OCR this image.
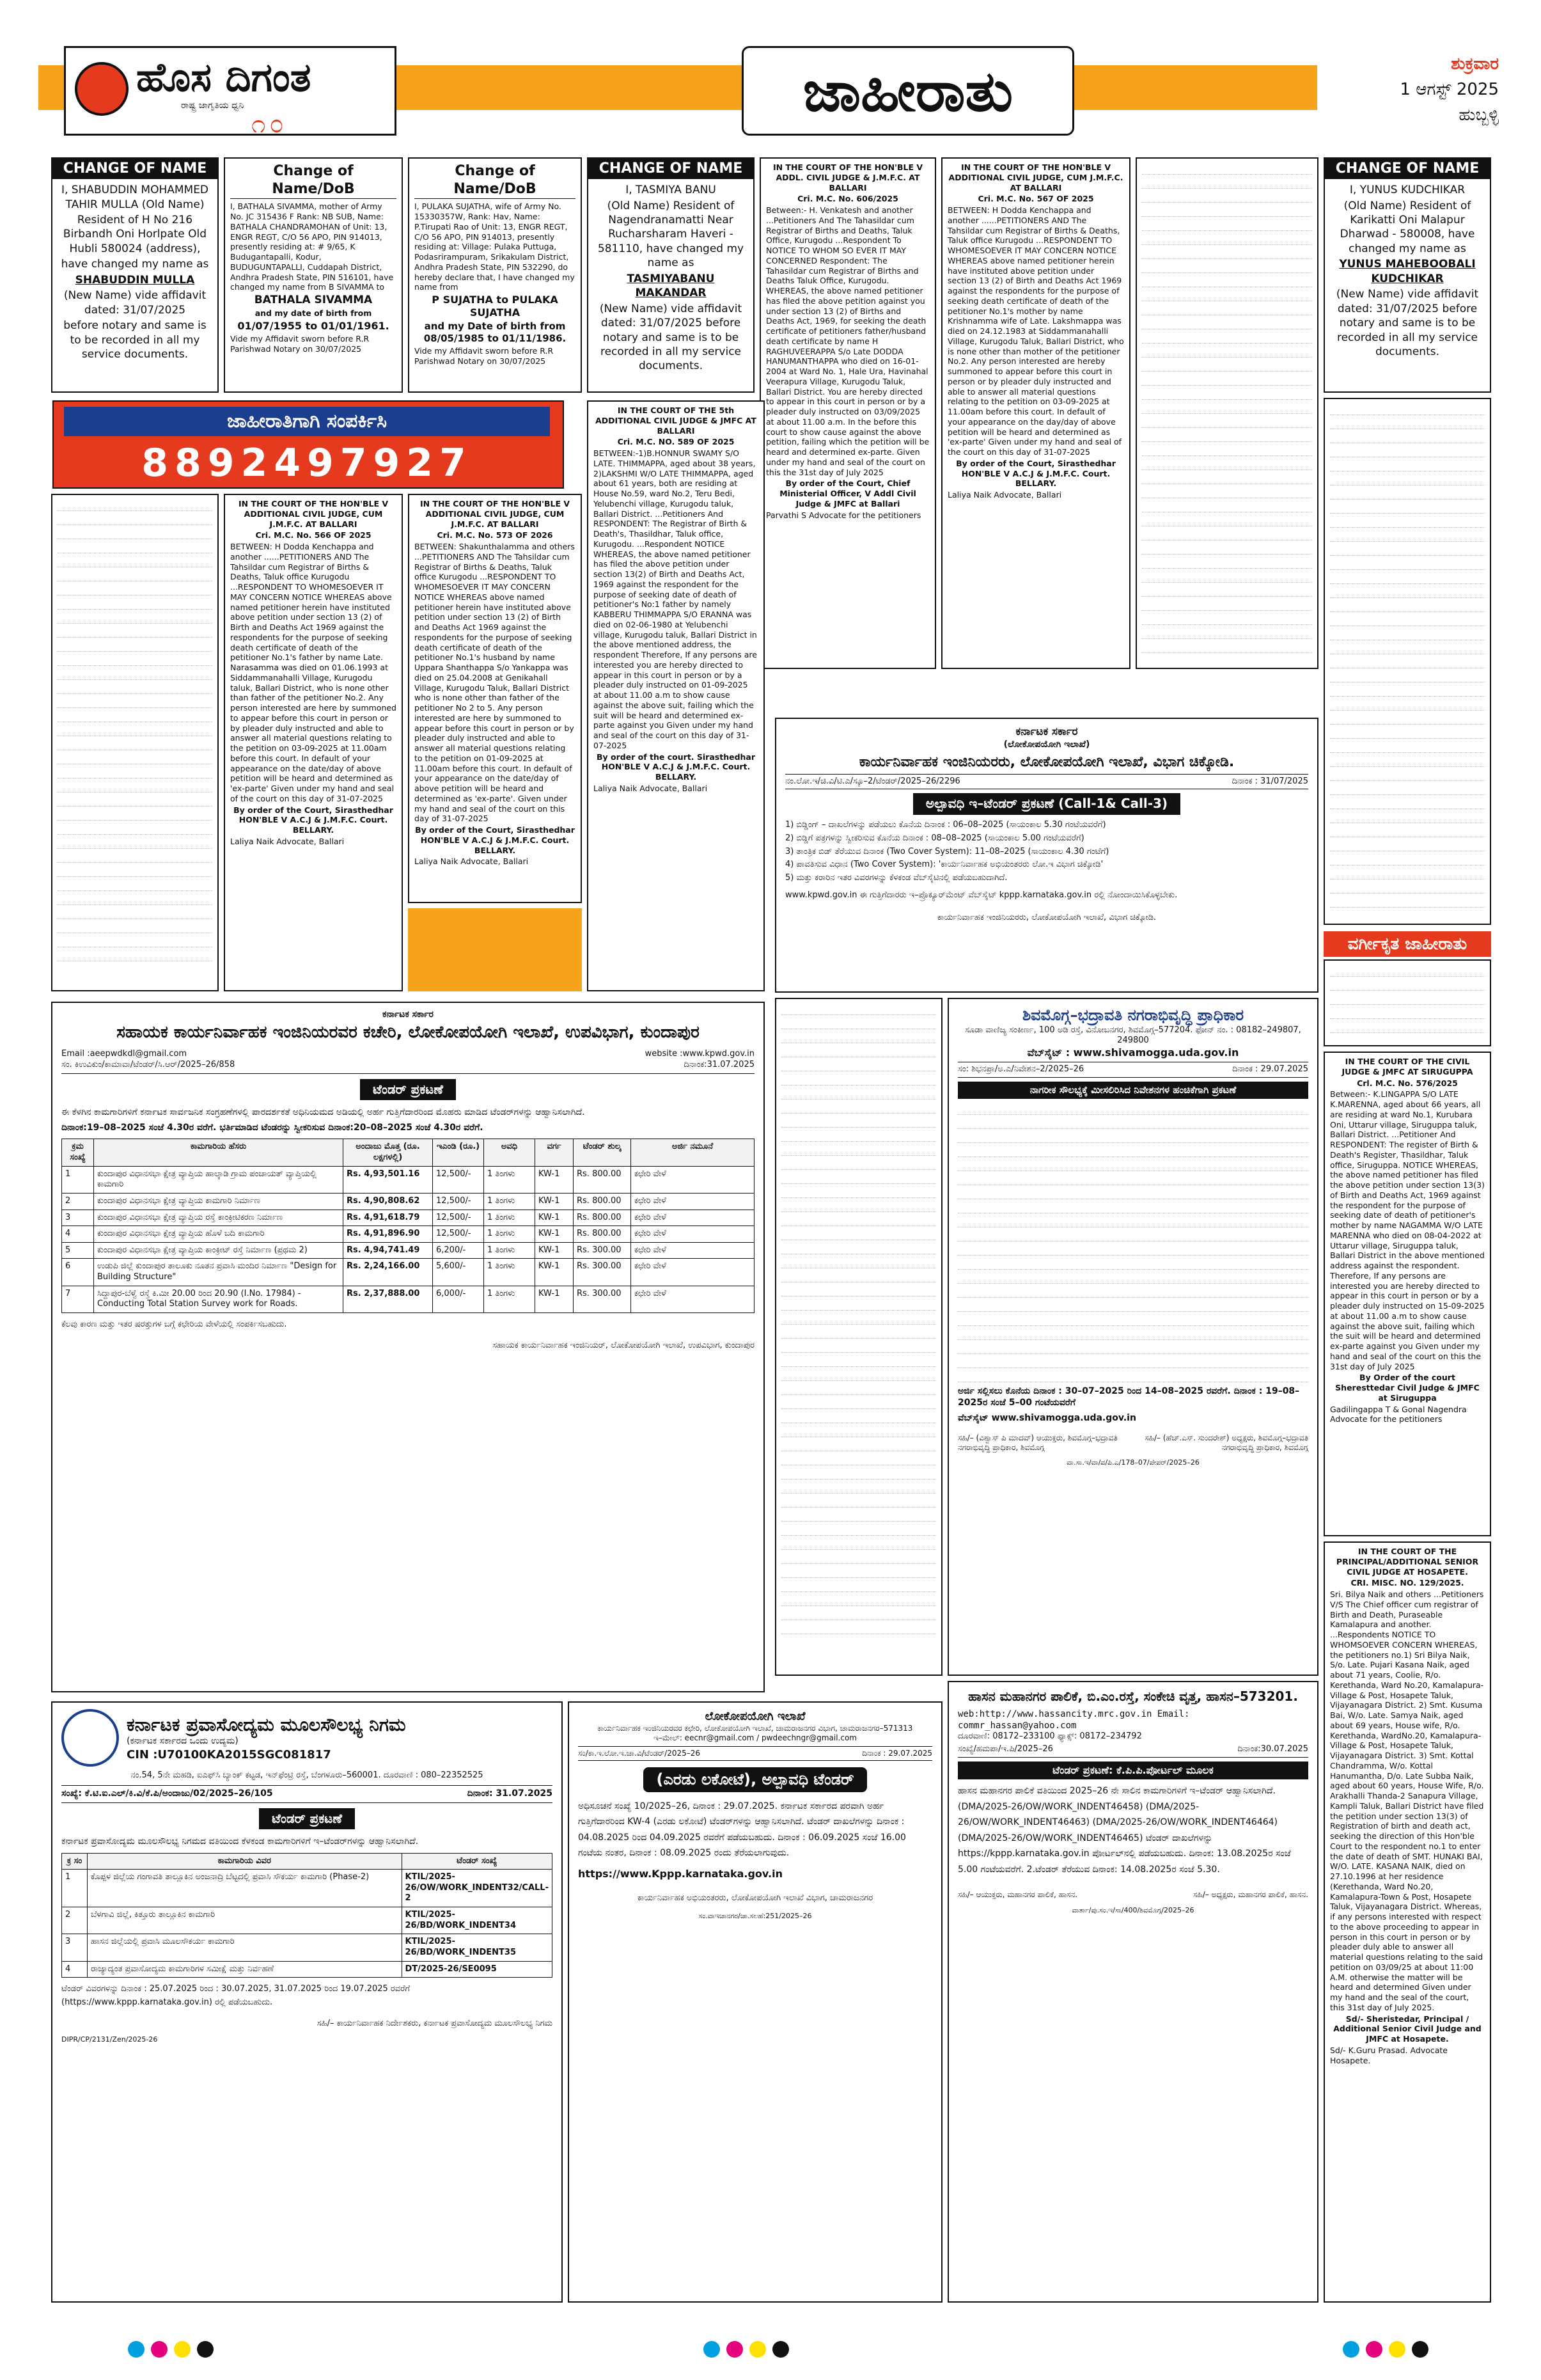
ಹೊಸ ದಿಗಂತ
ರಾಷ್ಟ್ರ ಜಾಗೃತಿಯ ಧ್ವನಿ
೧೦	ಜಾಹೀರಾತು	ಶುಕ್ರವಾರ
1 ಆಗಸ್ಟ್ 2025
ಹುಬ್ಬಳ್ಳಿ
CHANGE OF NAME

I, SHABUDDIN MOHAMMED TAHIR MULLA (Old Name)

Resident of H No 216 Birbandh Oni Horlpate Old Hubli 580024 (address),

have changed my name as

SHABUDDIN MULLA

(New Name) vide affidavit dated: 31/07/2025

before notary and same is to be recorded in all my service documents.

Change of Name/DoB

I, BATHALA SIVAMMA, mother of Army No. JC 315436 F Rank: NB SUB, Name: BATHALA CHANDRAMOHAN of Unit: 13, ENGR REGT, C/O 56 APO, PIN 914013, presently residing at: # 9/65, K Budugantapalli, Kodur, BUDUGUNTAPALLI, Cuddapah District, Andhra Pradesh State, PIN 516101, have changed my name from B SIVAMMA to

BATHALA SIVAMMA

and my date of birth from

01/07/1955 to 01/01/1961.

Vide my Affidavit sworn before R.R Parishwad Notary on 30/07/2025

Change of Name/DoB

I, PULAKA SUJATHA, wife of Army No. 15330357W, Rank: Hav, Name: P.Tirupati Rao of Unit: 13, ENGR REGT, C/O 56 APO, PIN 914013, presently residing at: Village: Pulaka Puttuga, Podasrirampuram, Srikakulam District, Andhra Pradesh State, PIN 532290, do hereby declare that, I have changed my name from

P SUJATHA to PULAKA SUJATHA

and my Date of birth from 08/05/1985 to 01/11/1986.

Vide my Affidavit sworn before R.R Parishwad Notary on 30/07/2025

CHANGE OF NAME

I, TASMIYA BANU

(Old Name) Resident of Nagendranamatti Near Rucharsharam Haveri - 581110, have changed my name as

TASMIYABANU MAKANDAR

(New Name) vide affidavit dated: 31/07/2025 before notary and same is to be recorded in all my service documents.

IN THE COURT OF THE HON'BLE V ADDL. CIVIL JUDGE & J.M.F.C. AT BALLARI

Cri. M.C. No. 606/2025

Between:- H. Venkatesh and another ...Petitioners And The Tahasildar cum Registrar of Births and Deaths, Taluk Office, Kurugodu ...Respondent To NOTICE TO WHOM SO EVER IT MAY CONCERNED Respondent: The Tahasildar cum Registrar of Births and Deaths Taluk Office, Kurugodu. WHEREAS, the above named petitioner has filed the above petition against you under section 13 (2) of Births and Deaths Act, 1969, for seeking the death certificate of petitioners father/husband death certificate by name H RAGHUVEERAPPA S/o Late DODDA HANUMANTHAPPA who died on 16-01-2004 at Ward No. 1, Hale Ura, Havinahal Veerapura Village, Kurugodu Taluk, Ballari District. You are hereby directed to appear in this court in person or by a pleader duly instructed on 03/09/2025 at about 11.00 a.m. In the before this court to show cause against the above petition, failing which the petition will be heard and determined ex-parte. Given under my hand and seal of the court on this the 31st day of July 2025

By order of the Court, Chief Ministerial Officer, V Addl Civil Judge & JMFC at Ballari

Parvathi S Advocate for the petitioners

IN THE COURT OF THE HON'BLE V ADDITIONAL CIVIL JUDGE, CUM J.M.F.C. AT BALLARI

Cri. M.C. No. 567 OF 2025

BETWEEN: H Dodda Kenchappa and another ......PETITIONERS AND The Tahsildar cum Registrar of Births & Deaths, Taluk office Kurugodu ...RESPONDENT TO WHOMESOEVER IT MAY CONCERN NOTICE WHEREAS above named petitioner herein have instituted above petition under section 13 (2) of Birth and Deaths Act 1969 against the respondents for the purpose of seeking death certificate of death of the petitioner No.1's mother by name Krishnamma wife of Late. Lakshmappa was died on 24.12.1983 at Siddammanahalli Village, Kurugodu Taluk, Ballari District, who is none other than mother of the petitioner No.2. Any person interested are hereby summoned to appear before this court in person or by pleader duly instructed and able to answer all material questions relating to the petition on 03-09-2025 at 11.00am before this court. In default of your appearance on the day/day of above petition will be heard and determined as 'ex-parte' Given under my hand and seal of the court on this day of 31-07-2025

By order of the Court, Sirasthedhar HON'BLE V A.C.J & J.M.F.C. Court. BELLARY.

Laliya Naik Advocate, Ballari

CHANGE OF NAME

I, YUNUS KUDCHIKAR

(Old Name) Resident of Karikatti Oni Malapur Dharwad - 580008, have changed my name as

YUNUS MAHEBOOBALI KUDCHIKAR

(New Name) vide affidavit dated: 31/07/2025 before notary and same is to be recorded in all my service documents.

ಜಾಹೀರಾತಿಗಾಗಿ ಸಂಪರ್ಕಿಸಿ
8892497927

IN THE COURT OF THE HON'BLE V ADDITIONAL CIVIL JUDGE, CUM J.M.F.C. AT BALLARI

Cri. M.C. No. 566 OF 2025

BETWEEN: H Dodda Kenchappa and another ......PETITIONERS AND The Tahsildar cum Registrar of Births & Deaths, Taluk office Kurugodu ...RESPONDENT TO WHOMESOEVER IT MAY CONCERN NOTICE WHEREAS above named petitioner herein have instituted above petition under section 13 (2) of Birth and Deaths Act 1969 against the respondents for the purpose of seeking death certificate of death of the petitioner No.1's father by name Late. Narasamma was died on 01.06.1993 at Siddammanahalli Village, Kurugodu taluk, Ballari District, who is none other than father of the petitioner No.2. Any person interested are here by summoned to appear before this court in person or by pleader duly instructed and able to answer all material questions relating to the petition on 03-09-2025 at 11.00am before this court. In default of your appearance on the date/day of above petition will be heard and determined as 'ex-parte' Given under my hand and seal of the court on this day of 31-07-2025

By order of the Court, Sirasthedhar HON'BLE V A.C.J & J.M.F.C. Court. BELLARY.

Laliya Naik Advocate, Ballari

IN THE COURT OF THE HON'BLE V ADDITIONAL CIVIL JUDGE, CUM J.M.F.C. AT BALLARI

Cri. M.C. No. 573 OF 2026

BETWEEN: Shakunthalamma and others ...PETITIONERS AND The Tahsildar cum Registrar of Births & Deaths, Taluk office Kurugodu ...RESPONDENT TO WHOMESOEVER IT MAY CONCERN NOTICE WHEREAS above named petitioner herein have instituted above petition under section 13 (2) of Birth and Deaths Act 1969 against the respondents for the purpose of seeking death certificate of death of the petitioner No.1's husband by name Uppara Shanthappa S/o Yankappa was died on 25.04.2008 at Genikahall Village, Kurugodu Taluk, Ballari District who is none other than father of the petitioner No 2 to 5. Any person interested are here by summoned to appear before this court in person or by pleader duly instructed and able to answer all material questions relating to the petition on 01-09-2025 at 11.00am before this court. In default of your appearance on the date/day of above petition will be heard and determined as 'ex-parte'. Given under my hand and seal of the court on this day of 31-07-2025

By order of the Court, Sirasthedhar HON'BLE V A.C.J & J.M.F.C. Court. BELLARY.

Laliya Naik Advocate, Ballari

IN THE COURT OF THE 5th ADDITIONAL CIVIL JUDGE & JMFC AT BALLARI

Cri. M.C. NO. 589 OF 2025

BETWEEN:-1)B.HONNUR SWAMY S/O LATE. THIMMAPPA, aged about 38 years, 2)LAKSHMI W/O LATE THIMMAPPA, aged about 61 years, both are residing at House No.59, ward No.2, Teru Bedi, Yelubenchi village, Kurugodu taluk, Ballari District. ...Petitioners And RESPONDENT: The Registrar of Birth & Death's, Thasildhar, Taluk office, Kurugodu. ...Respondent NOTICE WHEREAS, the above named petitioner has filed the above petition under section 13(2) of Birth and Deaths Act, 1969 against the respondent for the purpose of seeking date of death of petitioner's No:1 father by namely KABBERU THIMMAPPA S/O ERANNA was died on 02-06-1980 at Yelubenchi village, Kurugodu taluk, Ballari District in the above mentioned address, the respondent Therefore, If any persons are interested you are hereby directed to appear in this court in person or by a pleader duly instructed on 01-09-2025 at about 11.00 a.m to show cause against the above suit, failing which the suit will be heard and determined ex-parte against you Given under my hand and seal of the court on this day of 31-07-2025

By order of the court. Sirasthedhar HON'BLE V A.C.J & J.M.F.C. Court. BELLARY.

Laliya Naik Advocate, Ballari

ಕರ್ನಾಟಕ ಸರ್ಕಾರ
(ಲೋಕೋಪಯೋಗಿ ಇಲಾಖೆ)
ಕಾರ್ಯನಿರ್ವಾಹಕ ಇಂಜಿನಿಯರರು, ಲೋಕೋಪಯೋಗಿ ಇಲಾಖೆ, ವಿಭಾಗ ಚಿಕ್ಕೋಡಿ.
ನಂ.ಲೋ.ಇ/ಚಿ.ವಿ/ಟಿ.ಎ/ಸ್ಕೂ–2/ಟೆಂಡರ್/2025–26/2296	ದಿನಾಂಕ : 31/07/2025
ಅಲ್ಪಾವಧಿ ಇ–ಟೆಂಡರ್ ಪ್ರಕಟಣೆ (Call-1& Call-3)
1) ಬಿಡ್ಡಿಂಗ್ – ದಾಖಲೆಗಳನ್ನು ಪಡೆಯಲು ಕೊನೆಯ ದಿನಾಂಕ : 06–08–2025 (ಸಾಯಂಕಾಲ 5.30 ಗಂಟೆಯವರೆಗೆ)
2) ಬಿಡ್ಡಿಗೆ ಪತ್ರಗಳನ್ನು ಸ್ವೀಕರಿಸುವ ಕೊನೆಯ ದಿನಾಂಕ : 08–08–2025 (ಸಾಯಂಕಾಲ 5.00 ಗಂಟೆಯವರೆಗೆ)
3) ತಾಂತ್ರಿಕ ಬಿಡ್ ತೆರೆಯುವ ದಿನಾಂಕ (Two Cover System): 11–08–2025 (ಸಾಯಂಕಾಲ 4.30 ಗಂಟೆಗೆ)
4) ಪಾವತಿಸುವ ವಿಧಾನ (Two Cover System): 'ಕಾರ್ಯನಿರ್ವಾಹಕ ಅಭಿಯಂತರರು ಲೋ.ಇ ವಿಭಾಗ ಚಿಕ್ಕೋಡಿ'
5) ಮತ್ತು ಕರಾರಿನ ಇತರ ವಿವರಗಳನ್ನು ಕೆಳಕಂಡ ವೆಬ್‌ಸೈಟಿನಲ್ಲಿ ಪಡೆಯಬಹುದಾಗಿದೆ.
www.kpwd.gov.in ಈ ಗುತ್ತಿಗೆದಾರರು ಇ–ಪ್ರೊಕ್ಯೂರ್‌ಮೆಂಟ್ ವೆಬ್‌ಸೈಟ್ kppp.karnataka.gov.in ರಲ್ಲಿ ನೋಂದಾಯಿಸಿಕೊಳ್ಳಬೇಕು.
ಕಾರ್ಯನಿರ್ವಾಹಕ ಇಂಜಿನಿಯರರು, ಲೋಕೋಪಯೋಗಿ ಇಲಾಖೆ, ವಿಭಾಗ ಚಿಕ್ಕೋಡಿ.
ವರ್ಗೀಕೃತ ಜಾಹೀರಾತು

IN THE COURT OF THE CIVIL JUDGE & JMFC AT SIRUGUPPA

Crl. M.C. No. 576/2025

Between:- K.LINGAPPA S/O LATE K.MARENNA, aged about 66 years, all are residing at ward No.1, Kurubara Oni, Uttarur village, Siruguppa taluk, Ballari District. ...Petitioner And RESPONDENT: The register of Birth & Death's Register, Thasildhar, Taluk office, Siruguppa. NOTICE WHEREAS, the above named petitioner has filed the above petition under section 13(3) of Birth and Deaths Act, 1969 against the respondent for the purpose of seeking date of death of petitioner's mother by name NAGAMMA W/O LATE MARENNA who died on 08-04-2022 at Uttarur village, Siruguppa taluk, Ballari District in the above mentioned address against the respondent. Therefore, If any persons are interested you are hereby directed to appear in this court in person or by a pleader duly instructed on 15-09-2025 at about 11.00 a.m to show cause against the above suit, failing which the suit will be heard and determined ex-parte against you Given under my hand and seal of the court on this the 31st day of July 2025

By Order of the court Sheresttedar Civil Judge & JMFC at Siruguppa

Gadilingappa T & Gonal Nagendra Advocate for the petitioners

IN THE COURT OF THE PRINCIPAL/ADDITIONAL SENIOR CIVIL JUDGE AT HOSAPETE.

CRI. MISC. NO. 129/2025.

Sri. Bilya Naik and others ...Petitioners V/S The Chief officer cum registrar of Birth and Death, Puraseable Kamalapura and another. ...Respondents NOTICE TO WHOMSOEVER CONCERN WHEREAS, the petitioners no.1) Sri Bilya Naik, S/o. Late. Pujari Kasana Naik, aged about 71 years, Coolie, R/o. Kerethanda, Ward No.20, Kamalapura-Village & Post, Hosapete Taluk, Vijayanagara District. 2) Smt. Kusuma Bai, W/o. Late. Samya Naik, aged about 69 years, House wife, R/o. Kerethanda, WardNo.20, Kamalapura-Village & Post, Hosapete Taluk, Vijayanagara District. 3) Smt. Kottal Chandramma, W/o. Kottal Hanumantha, D/o. Late Subba Naik, aged about 60 years, House Wife, R/o. Arakhalli Thanda-2 Sanapura Village, Kampli Taluk, Ballari District have filed the petition under section 13(3) of Registration of birth and death act, seeking the direction of this Hon'ble Court to the respondent no.1 to enter the date of death of SMT. HUNAKI BAI, W/O. LATE. KASANA NAIK, died on 27.10.1996 at her residence (Kerethanda, Ward No.20, Kamalapura-Town & Post, Hosapete Taluk, Vijayanagara District. Whereas, if any persons interested with respect to the above proceeding to appear in person in this court in person or by pleader duly able to answer all material questions relating to the said petition on 03/09/25 at about 11:00 A.M. otherwise the matter will be heard and determined Given under my hand and the seal of the court, this 31st day of July 2025.

Sd/- Sheristedar, Principal / Additional Senior Civil Judge and JMFC at Hosapete.

Sd/- K.Guru Prasad. Advocate Hosapete.

ಕರ್ನಾಟಕ ಸರ್ಕಾರ
ಸಹಾಯಕ ಕಾರ್ಯನಿರ್ವಾಹಕ ಇಂಜಿನಿಯರವರ ಕಚೇರಿ, ಲೋಕೋಪಯೋಗಿ ಇಲಾಖೆ, ಉಪವಿಭಾಗ, ಕುಂದಾಪುರ
Email :aeepwdkdl@gmail.com	website :www.kpwd.gov.in
ಸಂ. ಕಿಉವಿಕುಂ/ಕಾಮಾವಾ/ಟೆಂಡರ್/ಸಿ.ಆರ್/2025–26/858	ದಿನಾಂಕ:31.07.2025
ಟೆಂಡರ್ ಪ್ರಕಟಣೆ
ಈ ಕೆಳಗಿನ ಕಾಮಗಾರಿಗಳಿಗೆ ಕರ್ನಾಟಕ ಸಾರ್ವಜನಿಕ ಸಂಗ್ರಹಣೆಗಳಲ್ಲಿ ಪಾರದರ್ಶಕತೆ ಅಧಿನಿಯಮದ ಅಡಿಯಲ್ಲಿ ಅರ್ಹ ಗುತ್ತಿಗೆದಾರರಿಂದ ಮೊಹರು ಮಾಡಿದ ಟೆಂಡರ್‌ಗಳನ್ನು ಆಹ್ವಾನಿಸಲಾಗಿದೆ.
ದಿನಾಂಕ:19–08–2025 ಸಂಜೆ 4.30ರ ವರೆಗೆ. ಭರ್ತಿಮಾಡಿದ ಟೆಂಡರನ್ನು ಸ್ವೀಕರಿಸುವ ದಿನಾಂಕ:20–08–2025 ಸಂಜೆ 4.30ರ ವರೆಗೆ.
ಕ್ರಮ ಸಂಖ್ಯೆ	ಕಾಮಗಾರಿಯ ಹೆಸರು	ಅಂದಾಜು ಮೊತ್ತ (ರೂ. ಲಕ್ಷಗಳಲ್ಲಿ)	ಇಎಂಡಿ (ರೂ.)	ಅವಧಿ	ವರ್ಗ	ಟೆಂಡರ್ ಶುಲ್ಕ	ಅರ್ಜಿ ನಮೂನೆ
1	ಕುಂದಾಪುರ ವಿಧಾನಸಭಾ ಕ್ಷೇತ್ರ ವ್ಯಾಪ್ತಿಯ ಹಾಲ್ಕಾಡಿ ಗ್ರಾಮ ಪಂಚಾಯತ್ ವ್ಯಾಪ್ತಿಯಲ್ಲಿ ಕಾಮಗಾರಿ	Rs. 4,93,501.16	12,500/-	1 ತಿಂಗಳು	KW-1	Rs. 800.00	ಕಛೇರಿ ವೇಳೆ
2	ಕುಂದಾಪುರ ವಿಧಾನಸಭಾ ಕ್ಷೇತ್ರ ವ್ಯಾಪ್ತಿಯ ಕಾಮಗಾರಿ ನಿರ್ಮಾಣ	Rs. 4,90,808.62	12,500/-	1 ತಿಂಗಳು	KW-1	Rs. 800.00	ಕಛೇರಿ ವೇಳೆ
3	ಕುಂದಾಪುರ ವಿಧಾನಸಭಾ ಕ್ಷೇತ್ರ ವ್ಯಾಪ್ತಿಯ ರಸ್ತೆ ಕಾಂಕ್ರೀಟಿಕರಣ ನಿರ್ಮಾಣ	Rs. 4,91,618.79	12,500/-	1 ತಿಂಗಳು	KW-1	Rs. 800.00	ಕಛೇರಿ ವೇಳೆ
4	ಕುಂದಾಪುರ ವಿಧಾನಸಭಾ ಕ್ಷೇತ್ರ ವ್ಯಾಪ್ತಿಯ ಹೊಳೆ ಬದಿ ಕಾಮಗಾರಿ	Rs. 4,91,896.90	12,500/-	1 ತಿಂಗಳು	KW-1	Rs. 800.00	ಕಛೇರಿ ವೇಳೆ
5	ಕುಂದಾಪುರ ವಿಧಾನಸಭಾ ಕ್ಷೇತ್ರ ವ್ಯಾಪ್ತಿಯ ಕಾಂಕ್ರೀಟ್ ರಸ್ತೆ ನಿರ್ಮಾಣ (ಪ್ರಥಮ 2)	Rs. 4,94,741.49	6,200/-	1 ತಿಂಗಳು	KW-1	Rs. 300.00	ಕಛೇರಿ ವೇಳೆ
6	ಉಡುಪಿ ಜಿಲ್ಲೆ ಕುಂದಾಪುರ ತಾಲೂಕು ನೂತನ ಪ್ರವಾಸಿ ಮಂದಿರ ನಿರ್ಮಾಣ "Design for Building Structure"	Rs. 2,24,166.00	5,600/-	1 ತಿಂಗಳು	KW-1	Rs. 300.00	ಕಛೇರಿ ವೇಳೆ
7	ಸಿದ್ದಾಪುರ-ಬೆಳ್ವೆ ರಸ್ತೆ ಕಿ.ಮೀ 20.00 ರಿಂದ 20.90 (I.No. 17984) - Conducting Total Station Survey work for Roads.	Rs. 2,37,888.00	6,000/-	1 ತಿಂಗಳು	KW-1	Rs. 300.00	ಕಛೇರಿ ವೇಳೆ
ಕೆಲವು ಕಾರಣ ಮತ್ತು ಇತರ ಷರತ್ತುಗಳ ಬಗ್ಗೆ ಕಛೇರಿಯ ವೇಳೆಯಲ್ಲಿ ಸಂಪರ್ಕಿಸಬಹುದು.
ಸಹಾಯಕ ಕಾರ್ಯನಿರ್ವಾಹಕ ಇಂಜಿನಿಯರ್, ಲೋಕೋಪಯೋಗಿ ಇಲಾಖೆ, ಉಪವಿಭಾಗ, ಕುಂದಾಪುರ
ಶಿವಮೊಗ್ಗ–ಭದ್ರಾವತಿ ನಗರಾಭಿವೃದ್ಧಿ ಪ್ರಾಧಿಕಾರ
ಸೂಡಾ ವಾಣಿಜ್ಯ ಸಂಕೀರ್ಣ, 100 ಅಡಿ ರಸ್ತೆ, ವಿನೋಬನಗರ, ಶಿವಮೊಗ್ಗ–577204. ಫೋನ್ ನಂ. : 08182–249807, 249800
ವೆಬ್‌ಸೈಟ್ : www.shivamogga.uda.gov.in
ಸಂ: ಶಿಭನಪ್ರಾ/ಅ.ಎ/ನಿವೇಶನ–2/2025–26	ದಿನಾಂಕ : 29.07.2025
ನಾಗರೀಕ ಸೌಲಭ್ಯಕ್ಕೆ ಮೀಸಲಿರಿಸಿದ ನಿವೇಶನಗಳ ಹಂಚಿಕೆಗಾಗಿ ಪ್ರಕಟಣೆ
ಅರ್ಜಿ ಸಲ್ಲಿಸಲು ಕೊನೆಯ ದಿನಾಂಕ : 30–07–2025 ರಿಂದ 14–08–2025 ರವರೆಗೆ. ದಿನಾಂಕ : 19–08–2025ರ ಸಂಜೆ 5–00 ಗಂಟೆಯವರೆಗೆ
ವೆಬ್‌ಸೈಟ್ www.shivamogga.uda.gov.in
ಸಹಿ/– (ವಿಶ್ವಾಸ್ ಪಿ ಮಾದವ್) ಆಯುಕ್ತರು, ಶಿವಮೊಗ್ಗ–ಭದ್ರಾವತಿ ನಗರಾಭಿವೃದ್ಧಿ ಪ್ರಾಧಿಕಾರ, ಶಿವಮೊಗ್ಗ
ಸಹಿ/– (ಹೆಚ್.ಎಸ್. ಸುಂದರೇಶ್) ಅಧ್ಯಕ್ಷರು, ಶಿವಮೊಗ್ಗ–ಭದ್ರಾವತಿ ನಗರಾಭಿವೃದ್ಧಿ ಪ್ರಾಧಿಕಾರ, ಶಿವಮೊಗ್ಗ
ವಾ.ಸಾ.ಇ/ವಾ/ವ/ಪಿ.ಎ/178–07/ಪೇಪರ್/2025–26
ಹಾಸನ ಮಹಾನಗರ ಪಾಲಿಕೆ, ಬಿ.ಎಂ.ರಸ್ತೆ, ಸಂಕೇಚಿ ವೃತ್ತ, ಹಾಸನ–573201.
web:http://www.hassancity.mrc.gov.in Email: commr_hassan@yahoo.com
ದೂರವಾಣಿ: 08172–233100 ಫ್ಯಾಕ್ಸ್: 08172–234792
ಸಂಖ್ಯೆ/ಹಮಪಾ/ಇ.ಪಿ/2025–26	ದಿನಾಂಕ:30.07.2025
ಟೆಂಡರ್ ಪ್ರಕಟಣೆ: ಕೆ.ಪಿ.ಪಿ.ಪೋರ್ಟಲ್ ಮೂಲಕ
ಹಾಸನ ಮಹಾನಗರ ಪಾಲಿಕೆ ವತಿಯಿಂದ 2025–26 ನೇ ಸಾಲಿನ ಕಾಮಗಾರಿಗಳಿಗೆ ಇ–ಟೆಂಡರ್ ಆಹ್ವಾನಿಸಲಾಗಿದೆ. (DMA/2025-26/OW/WORK_INDENT46458) (DMA/2025-26/OW/WORK_INDENT46463) (DMA/2025-26/OW/WORK_INDENT46464) (DMA/2025-26/OW/WORK_INDENT46465) ಟೆಂಡರ್ ದಾಖಲೆಗಳನ್ನು https://kppp.karnataka.gov.in ಪೋರ್ಟಲ್‌ನಲ್ಲಿ ಪಡೆಯಬಹುದು. ದಿನಾಂಕ: 13.08.2025ರ ಸಂಜೆ 5.00 ಗಂಟೆಯವರೆಗೆ. 2.ಟೆಂಡರ್ ತೆರೆಯುವ ದಿನಾಂಕ: 14.08.2025ರ ಸಂಜೆ 5.30.
ಸಹಿ/– ಆಯುಕ್ತರು, ಮಹಾನಗರ ಪಾಲಿಕೆ, ಹಾಸನ.	ಸಹಿ/– ಅಧ್ಯಕ್ಷರು, ಮಹಾನಗರ ಪಾಲಿಕೆ, ಹಾಸನ.
ವಾರ್ತಾ/ಪು.ಸಂ.ಇ/ಸಾ/400/ಶಿವಮೊಗ್ಗ/2025–26
ಕರ್ನಾಟಕ ಪ್ರವಾಸೋದ್ಯಮ ಮೂಲಸೌಲಭ್ಯ ನಿಗಮ
(ಕರ್ನಾಟಕ ಸರ್ಕಾರದ ಒಂದು ಉದ್ಯಮ)
CIN :U70100KA2015SGC081817
ನಂ.54, 5ನೇ ಮಹಡಿ, ಐಎಫ್‌ಸಿ ಬ್ಯಾಂಕ್ ಕಟ್ಟಡ, ಇನ್‌ಫೆಂಟ್ರಿ ರಸ್ತೆ, ಬೆಂಗಳೂರು–560001. ದೂರವಾಣಿ : 080–22352525
ಸಂಖ್ಯೆ: ಕೆ.ಟಿ.ಐ.ಎಲ್/ಕಿ.ವಿ/ಕೆ.ಪಿ/ಅಂದಾಜು/02/2025–26/105	ದಿನಾಂಕ: 31.07.2025
ಟೆಂಡರ್ ಪ್ರಕಟಣೆ
ಕರ್ನಾಟಕ ಪ್ರವಾಸೋದ್ಯಮ ಮೂಲಸೌಲಭ್ಯ ನಿಗಮದ ವತಿಯಿಂದ ಕೆಳಕಂಡ ಕಾಮಗಾರಿಗಳಿಗೆ ಇ–ಟೆಂಡರ್‌ಗಳನ್ನು ಆಹ್ವಾನಿಸಲಾಗಿದೆ.
ಕ್ರ ಸಂ	ಕಾಮಗಾರಿಯ ವಿವರ	ಟೆಂಡರ್ ಸಂಖ್ಯೆ
1	ಕೊಪ್ಪಳ ಜಿಲ್ಲೆಯ ಗಂಗಾವತಿ ತಾಲ್ಲೂಕಿನ ಅಂಜನಾದ್ರಿ ಬೆಟ್ಟದಲ್ಲಿ ಪ್ರವಾಸಿ ಸೌಕರ್ಯ ಕಾಮಗಾರಿ (Phase-2)	KTIL/2025-26/OW/WORK_INDENT32/CALL-2
2	ಬೆಳಗಾವಿ ಜಿಲ್ಲೆ, ಕಿತ್ತೂರು ತಾಲ್ಲೂಕಿನ ಕಾಮಗಾರಿ	KTIL/2025-26/BD/WORK_INDENT34
3	ಹಾಸನ ಜಿಲ್ಲೆಯಲ್ಲಿ ಪ್ರವಾಸಿ ಮೂಲಸೌಕರ್ಯ ಕಾಮಗಾರಿ	KTIL/2025-26/BD/WORK_INDENT35
4	ರಾಜ್ಯಾದ್ಯಂತ ಪ್ರವಾಸೋದ್ಯಮ ಕಾಮಗಾರಿಗಳ ಸಮೀಕ್ಷೆ ಮತ್ತು ನಿರ್ವಹಣೆ	DT/2025-26/SE0095
ಟೆಂಡರ್ ವಿವರಗಳನ್ನು ದಿನಾಂಕ : 25.07.2025 ರಿಂದ : 30.07.2025, 31.07.2025 ರಿಂದ 19.07.2025 ರವರೆಗೆ (https://www.kppp.karnataka.gov.in) ರಲ್ಲಿ ಪಡೆಯಬಹುದು.
ಸಹಿ/– ಕಾರ್ಯನಿರ್ವಾಹಕ ನಿರ್ದೇಶಕರು, ಕರ್ನಾಟಕ ಪ್ರವಾಸೋದ್ಯಮ ಮೂಲಸೌಲಭ್ಯ ನಿಗಮ
DIPR/CP/2131/Zen/2025-26
ಲೋಕೋಪಯೋಗಿ ಇಲಾಖೆ
ಕಾರ್ಯನಿರ್ವಾಹಕ ಇಂಜಿನಿಯರವರ ಕಛೇರಿ, ಲೋಕೋಪಯೋಗಿ ಇಲಾಖೆ, ಚಾಮರಾಜನಗರ ವಿಭಾಗ, ಚಾಮರಾಜನಗರ–571313
ಇ–ಮೇಲ್: eecnr@gmail.com / pwdeechngr@gmail.com
ಸಂ/ಕಾ.ಇ.ಲೋ.ಇ.ಚಾ.ವಿ/ಟೆಂಡರ್/2025–26	ದಿನಾಂಕ : 29.07.2025
(ಎರಡು ಲಕೋಟೆ), ಅಲ್ಪಾವಧಿ ಟೆಂಡರ್
ಅಧಿಸೂಚನೆ ಸಂಖ್ಯೆ 10/2025–26, ದಿನಾಂಕ : 29.07.2025. ಕರ್ನಾಟಕ ಸರ್ಕಾರದ ಪರವಾಗಿ ಅರ್ಹ ಗುತ್ತಿಗೆದಾರರಿಂದ KW-4 (ಎರಡು ಲಕೋಟೆ) ಟೆಂಡರ್‌ಗಳನ್ನು ಆಹ್ವಾನಿಸಲಾಗಿದೆ. ಟೆಂಡರ್ ದಾಖಲೆಗಳನ್ನು ದಿನಾಂಕ : 04.08.2025 ರಿಂದ 04.09.2025 ರವರೆಗೆ ಪಡೆಯಬಹುದು. ದಿನಾಂಕ : 06.09.2025 ಸಂಜೆ 16.00 ಗಂಟೆಯ ನಂತರ, ದಿನಾಂಕ : 08.09.2025 ರಂದು ತೆರೆಯಲಾಗುವುದು.
https://www.Kppp.karnataka.gov.in
ಕಾರ್ಯನಿರ್ವಾಹಕ ಅಭಿಯಂತರರು, ಲೋಕೋಪಯೋಗಿ ಇಲಾಖೆ ವಿಭಾಗ, ಚಾಮರಾಜನಗರ
ಸಂ.ವಾಇಚಾನಗರ/ಜಾ.ಸಲಹೆ:251/2025–26
